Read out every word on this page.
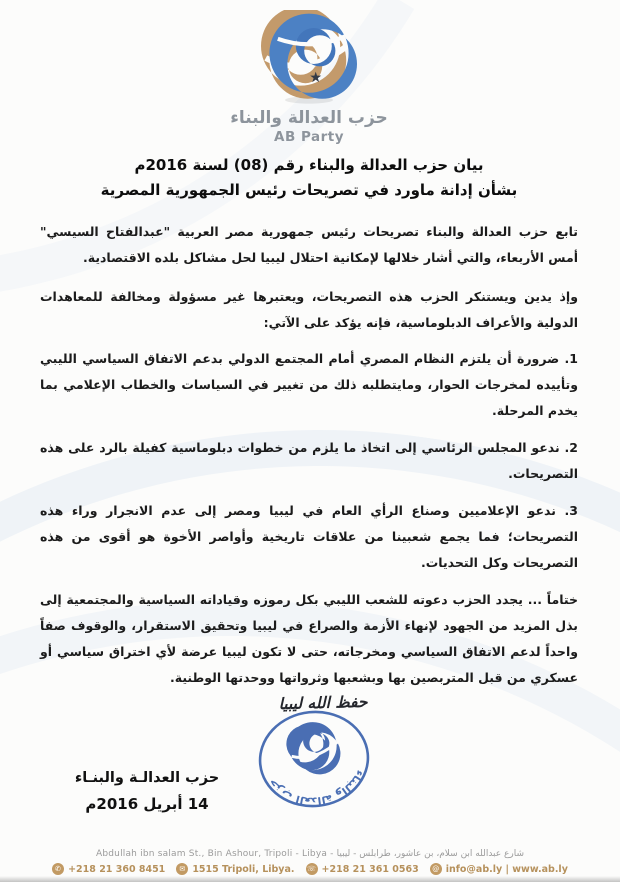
★
حزب العدالة والبناء
AB Party
بيان حزب العدالة والبناء رقم (08) لسنة 2016م
بشأن إدانة ماورد في تصريحات رئيس الجمهورية المصرية

تابع حزب العدالة والبناء تصريحات رئيس جمهورية مصر العربية "عبدالفتاح السيسي" أمس الأربعاء، والتي أشار خلالها لإمكانية احتلال ليبيا لحل مشاكل بلده الاقتصادية.

وإذ يدين ويستنكر الحزب هذه التصريحات، ويعتبرها غير مسؤولة ومخالفة للمعاهدات الدولية والأعراف الدبلوماسية، فإنه يؤكد على الآتي:

1. ضرورة أن يلتزم النظام المصري أمام المجتمع الدولي بدعم الاتفاق السياسي الليبي وتأييده لمخرجات الحوار، ومايتطلبه ذلك من تغيير في السياسات والخطاب الإعلامي بما يخدم المرحلة.

2. ندعو المجلس الرئاسي إلى اتخاذ ما يلزم من خطوات دبلوماسية كفيلة بالرد على هذه التصريحات.

3. ندعو الإعلاميين وصناع الرأي العام في ليبيا ومصر إلى عدم الانجرار وراء هذه التصريحات؛ فما يجمع شعبينا من علاقات تاريخية وأواصر الأخوة هو أقوى من هذه التصريحات وكل التحديات.

ختاماً ... يجدد الحزب دعوته للشعب الليبي بكل رموزه وقياداته السياسية والمجتمعية إلى بذل المزيد من الجهود لإنهاء الأزمة والصراع في ليبيا وتحقيق الاستقرار، والوقوف صفاً واحداً لدعم الاتفاق السياسي ومخرجاته، حتى لا تكون ليبيا عرضة لأي اختراق سياسي أو عسكري من قبل المتربصين بها وبشعبها وثرواتها ووحدتها الوطنية.

حفظ الله ليبيا
حزب العدالة والبناء
حزب العدالـة والبنـاء
14 أبريل 2016م
Abdullah ibn salam St., Bin Ashour, Tripoli - Libya - شارع عبدالله ابن سلام، بن عاشور، طرابلس - ليبيا
✆ +218 21 360 8451	✉ 1515 Tripoli, Libya. ☏ +218 21 361 0563	@ info@ab.ly | www.ab.ly
